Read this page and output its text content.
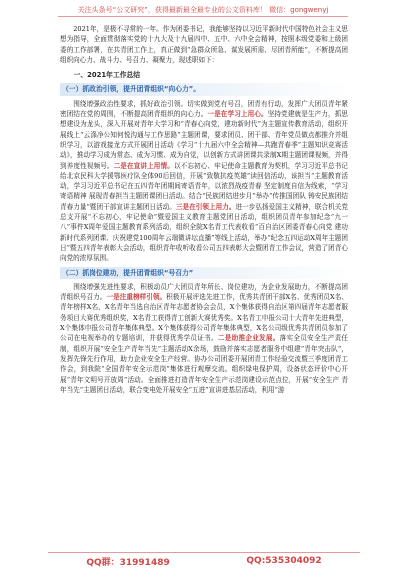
关注头条号“公文研究”，获得最新最全最专业的公文资料库！ 微信：gongwenyj

2021年，是极不寻常的一年。作为团委书记，我能够坚持以习近平新时代中国特色社会主义思想为指导，全面贯彻落实党的十九大及十九届四中、五中、六中全会精神，按照本级党委和上级团委的工作部署，在共青团工作上，真正做到“急群众所急、谋发展所需、尽团青所能”，不断提高团组织向心力、战斗力、号召力、凝聚力，现述职如下：

一、2021年工作总结
（一）抓政治引领，提升团青组织“向心力”。

围绕增强政治性要求，抓好政治引领。切实做到党有号召，团青有行动，发挥广大团员青年紧密团结在党的周围，不断提高团青组织的向心力。一是在学习上用心。坚持党建就是生产力，抓思想建设为龙头，深入开展对青年大学习和“青春心向党，建功新时代”为主题宣传教育活动，组织开展线上“云涤净公知何悦沟通与工作思路”主题团课，要求团员、团干部、青年党员做点都推介并组织学习，以游戏接龙方式开展团日活动《学习“十九届六中全会精神—共跑青春季”主题知识竞赛活动》，推动学习成为常态、成为习惯、成为自觉，以创新方式讲团课共录制X期主题团课视频，并得到养度性视频号。二是在宣讲上用情。以不忘初心、牢记使命主题教育为契机，学习习近平总书记给北京民科大学援鄂医疗队全体90后回信，开展“致敬抗疫英雄”读回信活动，该担当“主题教育活动，学习习近平总书记在五四青年团期间寄语青年，以浓烈战疫青春 坚定制度自信为线索，“学习寄语精神 展现青春担当主题团课团日活动。结合“民族团结进步月”举办“传推国团队 铸安民族团结青春力量”暨团干部宣讲主题团日活动。三是在引领上用力。进一步弘扬爱国主义精神，联合机关党总支开展“不忘初心，牢记使命”暨爱国主义教育主题党团日活动，组织团员青年参加纪念“九一八”事件X周年爱国主题教育系列活动，组织全院X名青工代表收看“百自治区团委青春心向党 建功新时代系列团课、庆祝建党100周年云端微讲坛直播”等线上活动，举办“纪念五四运动X周年主题团日”暨五四青年表彰大会活动，组织青年收听收看公司五四表彰大会暨团青工作会议，营造了团青心向党的浓厚氛围。

（二）抓岗位建功，提升团青组织“号召力”

围绕增强先进性要求，积极动员广大团员青年所长、岗位建功，为企业发展助力，不断提高团青组织号召力。一是注重榜样引领。积极开展评选先进工作，优秀共青团干部X名、优秀团员X名、青年榜样X名，X名青年当选自治区青年志愿者协会会员，X个集体获得自治区第四届青年志愿者服务项目大赛优秀组织奖，X名青工获得青工创新大赛优秀奖。X名青工申报公司十大青年先进典型，X个集体申报公司青年集体典型。X个集体获得公司青年集体典型，X名公司级优秀共青团员参加了公司在电视举办的专题培训，并获得优秀学员证书。二是助推企业发展。落实全员安全生产责任制，组织开展“安全生产青年当先”主题活动X余场，鼓励并落实志愿者服务中组建“青年突击队”，发挥先锋先行作用，助力企业安全生产经营。协办公司团委开展团青工作经验交流暨三季度团青工作会，到我院“全国青年安全示范岗”集体进行观摩交流。组织绿电保护周，设备状态评价中心开展“青年文明号开放周”活动。全面推进打造青年安全生产示范岗建设示范点位，开展“安全生产 青年当先”主题团日活动，联合变电处开展安全“五进”宣讲进基层活动，利用“游

QQ群：31991489	QQ:535304092
